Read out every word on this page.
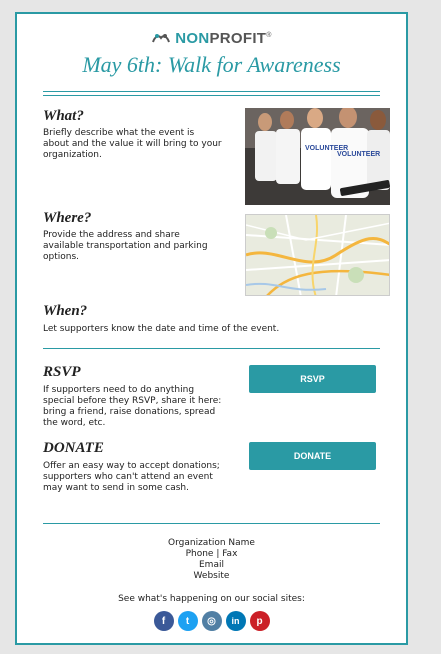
NONPROFIT®
May 6th: Walk for Awareness
What?

Briefly describe what the event is about and the value it will bring to your organization.

VOLUNTEER
VOLUNTEER
Where?

Provide the address and share available transportation and parking options.

When?

Let supporters know the date and time of the event.

RSVP

If supporters need to do anything special before they RSVP, share it here: bring a friend, raise donations, spread the word, etc.

RSVP
DONATE

Offer an easy way to accept donations; supporters who can't attend an event may want to send in some cash.

DONATE
Organization Name
Phone | Fax
Email
Website
See what's happening on our social sites:
f	t	◎	in	p
